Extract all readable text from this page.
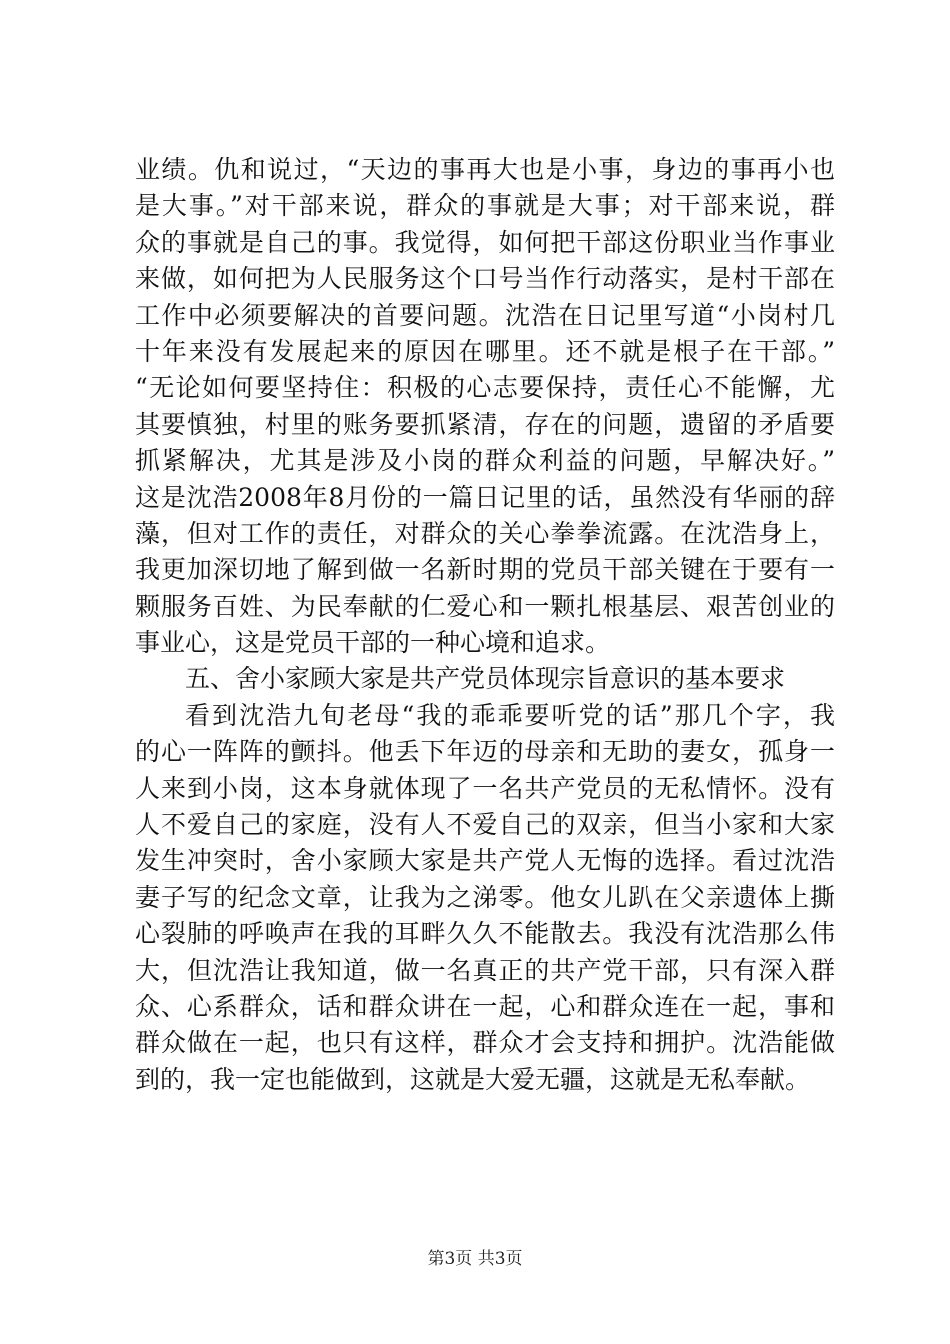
业绩。仇和说过，“天边的事再大也是小事，身边的事再小也
是大事。”对干部来说，群众的事就是大事；对干部来说，群
众的事就是自己的事。我觉得，如何把干部这份职业当作事业
来做，如何把为人民服务这个口号当作行动落实，是村干部在
工作中必须要解决的首要问题。沈浩在日记里写道“小岗村几
十年来没有发展起来的原因在哪里。还不就是根子在干部。”
“无论如何要坚持住：积极的心志要保持，责任心不能懈，尤
其要慎独，村里的账务要抓紧清，存在的问题，遗留的矛盾要
抓紧解决，尤其是涉及小岗的群众利益的问题，早解决好。”
这是沈浩2008年8月份的一篇日记里的话，虽然没有华丽的辞
藻，但对工作的责任，对群众的关心拳拳流露。在沈浩身上，
我更加深切地了解到做一名新时期的党员干部关键在于要有一
颗服务百姓、为民奉献的仁爱心和一颗扎根基层、艰苦创业的
事业心，这是党员干部的一种心境和追求。
五、舍小家顾大家是共产党员体现宗旨意识的基本要求
看到沈浩九旬老母“我的乖乖要听党的话”那几个字，我
的心一阵阵的颤抖。他丢下年迈的母亲和无助的妻女，孤身一
人来到小岗，这本身就体现了一名共产党员的无私情怀。没有
人不爱自己的家庭，没有人不爱自己的双亲，但当小家和大家
发生冲突时，舍小家顾大家是共产党人无悔的选择。看过沈浩
妻子写的纪念文章，让我为之涕零。他女儿趴在父亲遗体上撕
心裂肺的呼唤声在我的耳畔久久不能散去。我没有沈浩那么伟
大，但沈浩让我知道，做一名真正的共产党干部，只有深入群
众、心系群众，话和群众讲在一起，心和群众连在一起，事和
群众做在一起，也只有这样，群众才会支持和拥护。沈浩能做
到的，我一定也能做到，这就是大爱无疆，这就是无私奉献。
第3页 共3页
